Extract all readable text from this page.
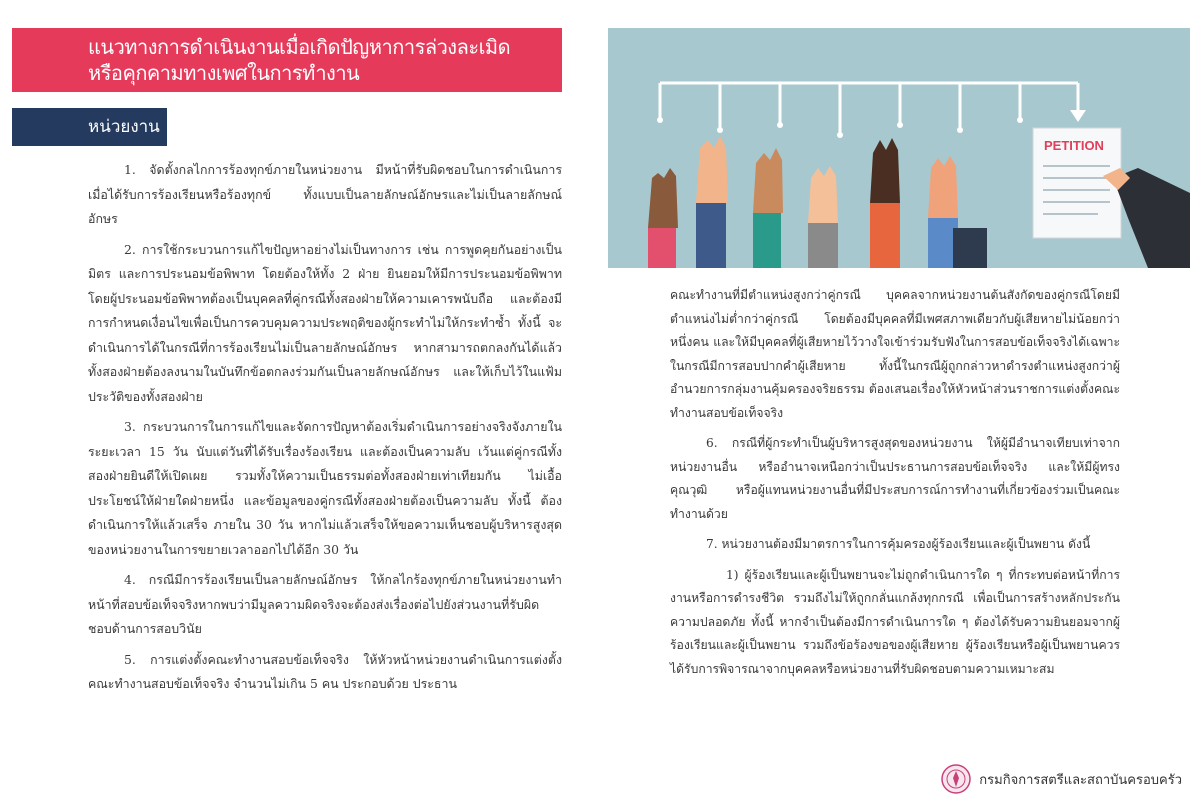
แนวทางการดำเนินงานเมื่อเกิดปัญหาการล่วงละเมิด
หรือคุกคามทางเพศในการทำงาน
หน่วยงาน

1. จัดตั้งกลไกการร้องทุกข์ภายในหน่วยงาน มีหน้าที่รับผิดชอบในการดำเนินการ เมื่อได้รับการร้องเรียนหรือร้องทุกข์ ทั้งแบบเป็นลายลักษณ์อักษรและไม่เป็นลายลักษณ์อักษร

2. การใช้กระบวนการแก้ไขปัญหาอย่างไม่เป็นทางการ เช่น การพูดคุยกันอย่างเป็นมิตร และการประนอมข้อพิพาท โดยต้องให้ทั้ง 2 ฝ่าย ยินยอมให้มีการประนอมข้อพิพาท โดยผู้ประนอมข้อพิพาทต้องเป็นบุคคลที่คู่กรณีทั้งสองฝ่ายให้ความเคารพนับถือ และต้องมีการกำหนดเงื่อนไขเพื่อเป็นการควบคุมความประพฤติของผู้กระทำไม่ให้กระทำซ้ำ ทั้งนี้ จะดำเนินการได้ในกรณีที่การร้องเรียนไม่เป็นลายลักษณ์อักษร หากสามารถตกลงกันได้แล้ว ทั้งสองฝ่ายต้องลงนามในบันทึกข้อตกลงร่วมกันเป็นลายลักษณ์อักษร และให้เก็บไว้ในแฟ้มประวัติของทั้งสองฝ่าย

3. กระบวนการในการแก้ไขและจัดการปัญหาต้องเริ่มดำเนินการอย่างจริงจังภายในระยะเวลา 15 วัน นับแต่วันที่ได้รับเรื่องร้องเรียน และต้องเป็นความลับ เว้นแต่คู่กรณีทั้งสองฝ่ายยินดีให้เปิดเผย รวมทั้งให้ความเป็นธรรมต่อทั้งสองฝ่ายเท่าเทียมกัน ไม่เอื้อประโยชน์ให้ฝ่ายใดฝ่ายหนึ่ง และข้อมูลของคู่กรณีทั้งสองฝ่ายต้องเป็นความลับ ทั้งนี้ ต้องดำเนินการให้แล้วเสร็จ ภายใน 30 วัน หากไม่แล้วเสร็จให้ขอความเห็นชอบผู้บริหารสูงสุดของหน่วยงานในการขยายเวลาออกไปได้อีก 30 วัน

4. กรณีมีการร้องเรียนเป็นลายลักษณ์อักษร ให้กลไกร้องทุกข์ภายในหน่วยงานทำหน้าที่สอบข้อเท็จจริงหากพบว่ามีมูลความผิดจริงจะต้องส่งเรื่องต่อไปยังส่วนงานที่รับผิดชอบด้านการสอบวินัย

5. การแต่งตั้งคณะทำงานสอบข้อเท็จจริง ให้หัวหน้าหน่วยงานดำเนินการแต่งตั้งคณะทำงานสอบข้อเท็จจริง จำนวนไม่เกิน 5 คน ประกอบด้วย ประธาน

PETITION

คณะทำงานที่มีตำแหน่งสูงกว่าคู่กรณี บุคคลจากหน่วยงานต้นสังกัดของคู่กรณีโดยมีตำแหน่งไม่ต่ำกว่าคู่กรณี โดยต้องมีบุคคลที่มีเพศสภาพเดียวกับผู้เสียหายไม่น้อยกว่าหนึ่งคน และให้มีบุคคลที่ผู้เสียหายไว้วางใจเข้าร่วมรับฟังในการสอบข้อเท็จจริงได้เฉพาะในกรณีมีการสอบปากคำผู้เสียหาย ทั้งนี้ในกรณีผู้ถูกกล่าวหาดำรงตำแหน่งสูงกว่าผู้อำนวยการกลุ่มงานคุ้มครองจริยธรรม ต้องเสนอเรื่องให้หัวหน้าส่วนราชการแต่งตั้งคณะทำงานสอบข้อเท็จจริง

6. กรณีที่ผู้กระทำเป็นผู้บริหารสูงสุดของหน่วยงาน ให้ผู้มีอำนาจเทียบเท่าจากหน่วยงานอื่น หรืออำนาจเหนือกว่าเป็นประธานการสอบข้อเท็จจริง และให้มีผู้ทรงคุณวุฒิ หรือผู้แทนหน่วยงานอื่นที่มีประสบการณ์การทำงานที่เกี่ยวข้องร่วมเป็นคณะทำงานด้วย

7. หน่วยงานต้องมีมาตรการในการคุ้มครองผู้ร้องเรียนและผู้เป็นพยาน ดังนี้

1) ผู้ร้องเรียนและผู้เป็นพยานจะไม่ถูกดำเนินการใด ๆ ที่กระทบต่อหน้าที่การงานหรือการดำรงชีวิต รวมถึงไม่ให้ถูกกลั่นแกล้งทุกกรณี เพื่อเป็นการสร้างหลักประกันความปลอดภัย ทั้งนี้ หากจำเป็นต้องมีการดำเนินการใด ๆ ต้องได้รับความยินยอมจากผู้ร้องเรียนและผู้เป็นพยาน รวมถึงข้อร้องขอของผู้เสียหาย ผู้ร้องเรียนหรือผู้เป็นพยานควรได้รับการพิจารณาจากบุคคลหรือหน่วยงานที่รับผิดชอบตามความเหมาะสม

กรมกิจการสตรีและสถาบันครอบครัว
